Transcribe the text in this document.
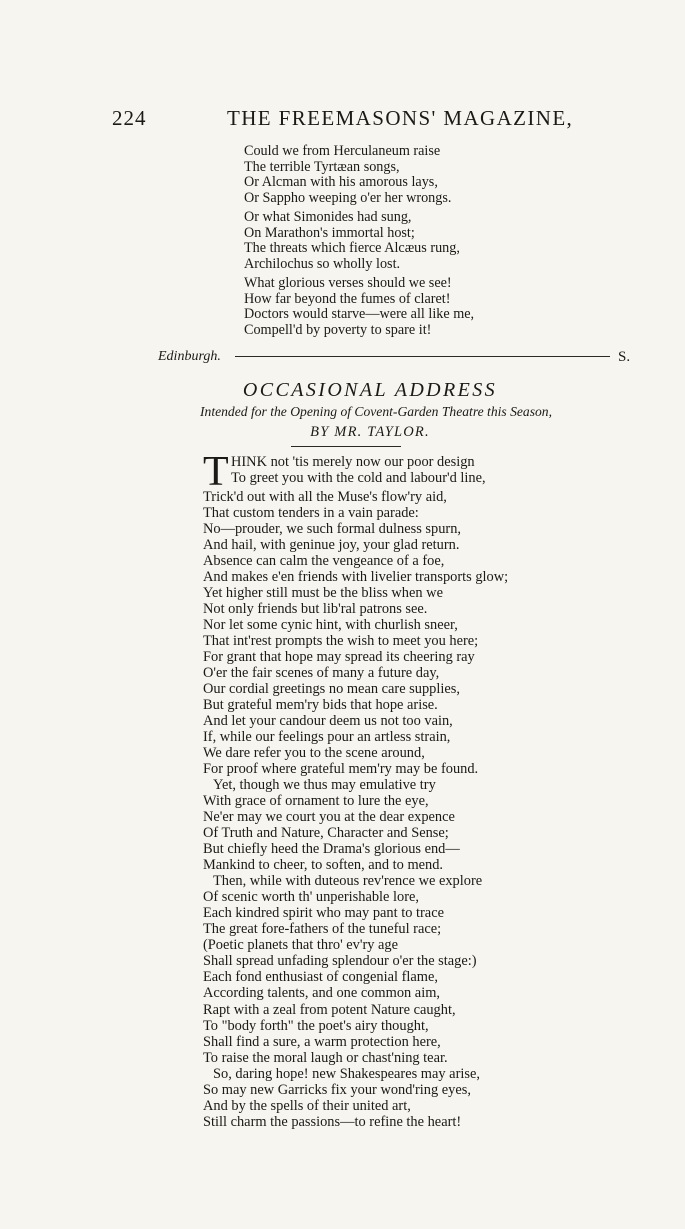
224	THE FREEMASONS' MAGAZINE,
Could we from Herculaneum raise
The terrible Tyrtæan songs,
Or Alcman with his amorous lays,
Or Sappho weeping o'er her wrongs.
Or what Simonides had sung,
On Marathon's immortal host;
The threats which fierce Alcæus rung,
Archilochus so wholly lost.
What glorious verses should we see!
How far beyond the fumes of claret!
Doctors would starve—were all like me,
Compell'd by poverty to spare it!
Edinburgh.	S.
OCCASIONAL ADDRESS
Intended for the Opening of Covent-Garden Theatre this Season,
BY MR. TAYLOR.
T HINK not 'tis merely now our poor design
To greet you with the cold and labour'd line,
Trick'd out with all the Muse's flow'ry aid,
That custom tenders in a vain parade:
No—prouder, we such formal dulness spurn,
And hail, with geninue joy, your glad return.
Absence can calm the vengeance of a foe,
And makes e'en friends with livelier transports glow;
Yet higher still must be the bliss when we
Not only friends but lib'ral patrons see.
Nor let some cynic hint, with churlish sneer,
That int'rest prompts the wish to meet you here;
For grant that hope may spread its cheering ray
O'er the fair scenes of many a future day,
Our cordial greetings no mean care supplies,
But grateful mem'ry bids that hope arise.
And let your candour deem us not too vain,
If, while our feelings pour an artless strain,
We dare refer you to the scene around,
For proof where grateful mem'ry may be found.
Yet, though we thus may emulative try
With grace of ornament to lure the eye,
Ne'er may we court you at the dear expence
Of Truth and Nature, Character and Sense;
But chiefly heed the Drama's glorious end—
Mankind to cheer, to soften, and to mend.
Then, while with duteous rev'rence we explore
Of scenic worth th' unperishable lore,
Each kindred spirit who may pant to trace
The great fore-fathers of the tuneful race;
(Poetic planets that thro' ev'ry age
Shall spread unfading splendour o'er the stage:)
Each fond enthusiast of congenial flame,
According talents, and one common aim,
Rapt with a zeal from potent Nature caught,
To "body forth" the poet's airy thought,
Shall find a sure, a warm protection here,
To raise the moral laugh or chast'ning tear.
So, daring hope! new Shakespeares may arise,
So may new Garricks fix your wond'ring eyes,
And by the spells of their united art,
Still charm the passions—to refine the heart!
